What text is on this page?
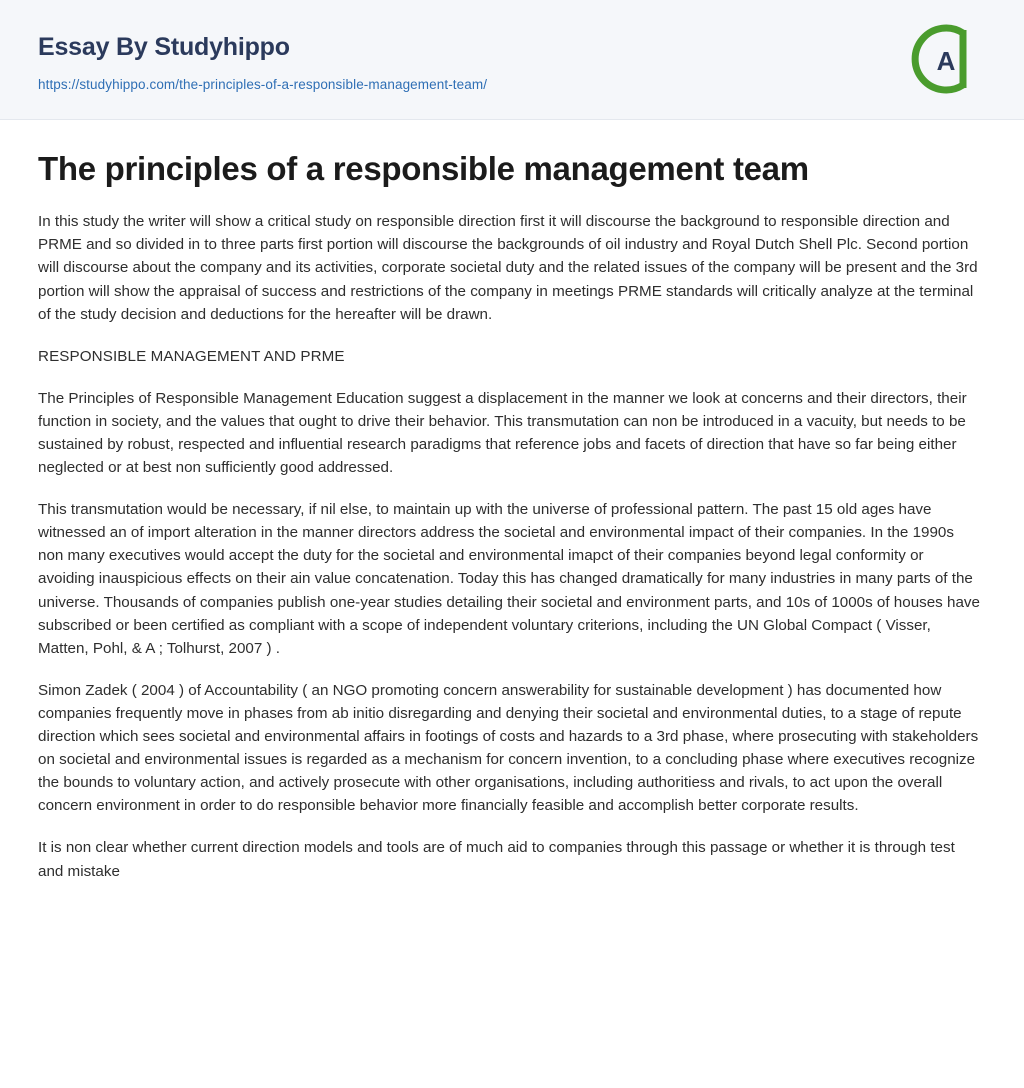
Essay By Studyhippo
https://studyhippo.com/the-principles-of-a-responsible-management-team/
A
The principles of a responsible management team

In this study the writer will show a critical study on responsible direction first it will discourse the background to responsible direction and PRME and so divided in to three parts first portion will discourse the backgrounds of oil industry and Royal Dutch Shell Plc. Second portion will discourse about the company and its activities, corporate societal duty and the related issues of the company will be present and the 3rd portion will show the appraisal of success and restrictions of the company in meetings PRME standards will critically analyze at the terminal of the study decision and deductions for the hereafter will be drawn.

RESPONSIBLE MANAGEMENT AND PRME

The Principles of Responsible Management Education suggest a displacement in the manner we look at concerns and their directors, their function in society, and the values that ought to drive their behavior. This transmutation can non be introduced in a vacuity, but needs to be sustained by robust, respected and influential research paradigms that reference jobs and facets of direction that have so far being either neglected or at best non sufficiently good addressed.

This transmutation would be necessary, if nil else, to maintain up with the universe of professional pattern. The past 15 old ages have witnessed an of import alteration in the manner directors address the societal and environmental impact of their companies. In the 1990s non many executives would accept the duty for the societal and environmental imapct of their companies beyond legal conformity or avoiding inauspicious effects on their ain value concatenation. Today this has changed dramatically for many industries in many parts of the universe. Thousands of companies publish one-year studies detailing their societal and environment parts, and 10s of 1000s of houses have subscribed or been certified as compliant with a scope of independent voluntary criterions, including the UN Global Compact ( Visser, Matten, Pohl, & A ; Tolhurst, 2007 ) .

Simon Zadek ( 2004 ) of Accountability ( an NGO promoting concern answerability for sustainable development ) has documented how companies frequently move in phases from ab initio disregarding and denying their societal and environmental duties, to a stage of repute direction which sees societal and environmental affairs in footings of costs and hazards to a 3rd phase, where prosecuting with stakeholders on societal and environmental issues is regarded as a mechanism for concern invention, to a concluding phase where executives recognize the bounds to voluntary action, and actively prosecute with other organisations, including authoritiess and rivals, to act upon the overall concern environment in order to do responsible behavior more financially feasible and accomplish better corporate results.

It is non clear whether current direction models and tools are of much aid to companies through this passage or whether it is through test and mistake
